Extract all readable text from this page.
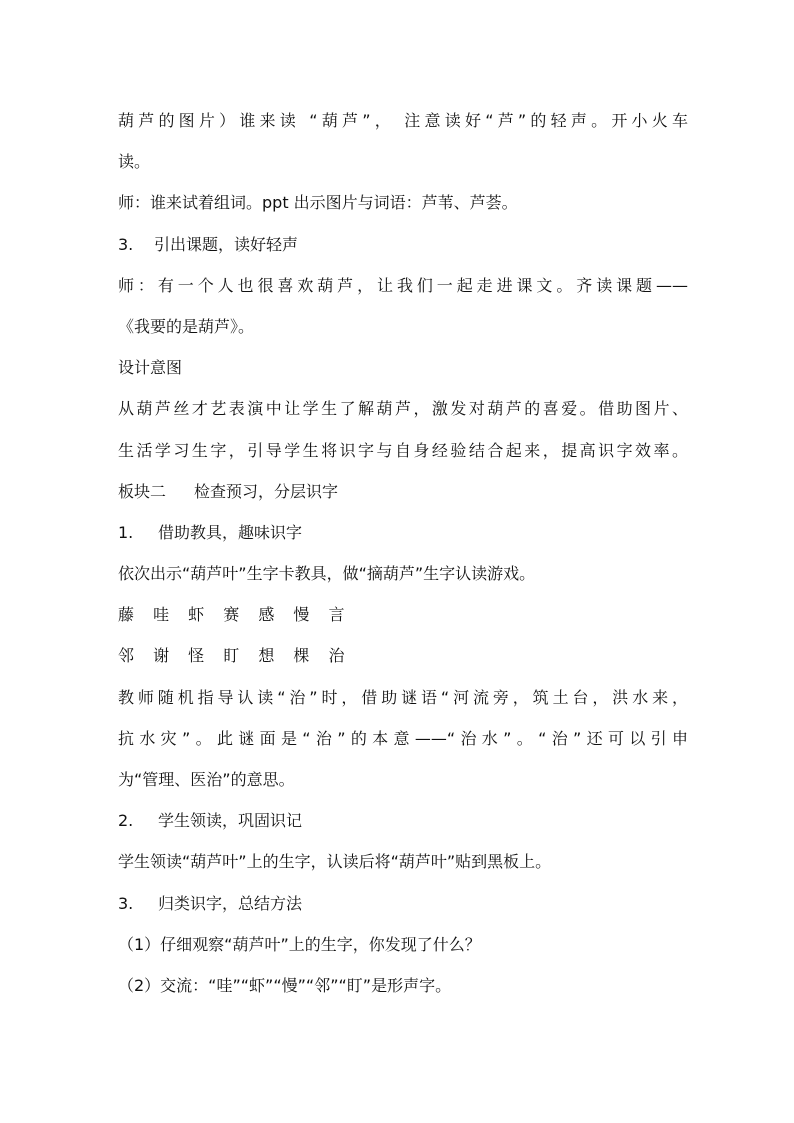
葫芦的图片）谁来读 “葫芦”， 注意读好“芦”的轻声。开小火车
读。
师：谁来试着组词。ppt 出示图片与词语：芦苇、芦荟。
3. 引出课题，读好轻声
师：有一个人也很喜欢葫芦，让我们一起走进课文。齐读课题——
《我要的是葫芦》。
设计意图
从葫芦丝才艺表演中让学生了解葫芦，激发对葫芦的喜爱。借助图片、
生活学习生字，引导学生将识字与自身经验结合起来，提高识字效率。
板块二 检查预习，分层识字
1. 借助教具，趣味识字
依次出示“葫芦叶”生字卡教具，做“摘葫芦”生字认读游戏。
藤 哇 虾 赛 感 慢 言
邻 谢 怪 盯 想 棵 治
教师随机指导认读“治”时，借助谜语“河流旁，筑土台，洪水来，
抗水灾”。此谜面是“治”的本意——“治水”。“治”还可以引申
为“管理、医治”的意思。
2. 学生领读，巩固识记
学生领读“葫芦叶”上的生字，认读后将“葫芦叶”贴到黑板上。
3. 归类识字，总结方法
（1）仔细观察“葫芦叶”上的生字，你发现了什么？
（2）交流：“哇”“虾”“慢”“邻”“盯”是形声字。
